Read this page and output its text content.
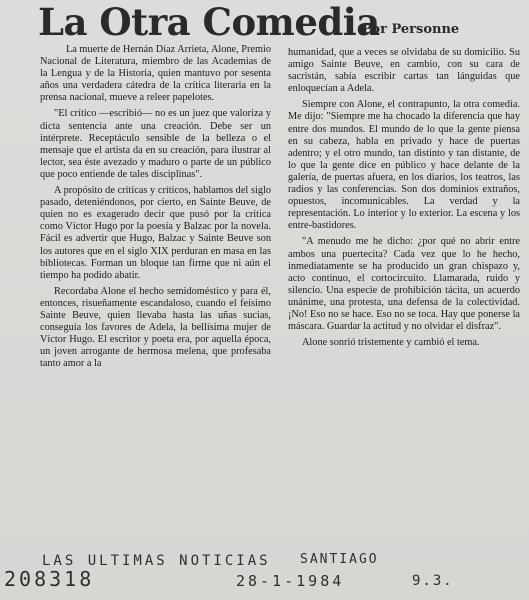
La Otra Comedia
Por Personne

La muerte de Hernán Díaz Arrieta, Alone, Premio Nacional de Literatura, miembro de las Academias de la Lengua y de la Historia, quien mantuvo por sesenta años una verdadera cátedra de la crítica literaria en la prensa nacional, mueve a releer papelotes.

"El crítico —escribió— no es un juez que valoriza y dicta sentencia ante una creación. Debe ser un intérprete. Receptáculo sensible de la belleza o el mensaje que el artista da en su creación, para ilustrar al lector, sea éste avezado y maduro o parte de un público que poco entiende de tales disciplinas".

A propósito de críticas y críticos, hablamos del siglo pasado, deteniéndonos, por cierto, en Sainte Beuve, de quien no es exagerado decir que pusó por la crítica como Víctor Hugo por la poesía y Balzac por la novela. Fácil es advertir que Hugo, Balzac y Sainte Beuve son los autores que en el siglo XIX perduran en masa en las bibliotecas. Forman un bloque tan firme que ni aún el tiempo ha podido abatir.

Recordaba Alone el hecho semidoméstico y para él, entonces, risueñamente escandaloso, cuando el feísimo Sainte Beuve, quien llevaba hasta las uñas sucias, conseguía los favores de Adela, la bellísima mujer de Víctor Hugo. El escritor y poeta era, por aquella época, un joven arrogante de hermosa melena, que profesaba tanto amor a la

humanidad, que a veces se olvidaba de su domicilio. Su amigo Sainte Beuve, en cambio, con su cara de sacristán, sabía escribir cartas tan lánguidas que enloquecían a Adela.

Siempre con Alone, el contrapunto, la otra comedia. Me dijo: "Siempre me ha chocado la diferencia que hay entre dos mundos. El mundo de lo que la gente piensa en su cabeza, habla en privado y hace de puertas adentro; y el otro mundo, tan distinto y tan distante, de lo que la gente dice en público y hace delante de la galería, de puertas afuera, en los diarios, los teatros, las radios y las conferencias. Son dos dominios extraños, opuestos, incomunicables. La verdad y la representación. Lo interior y lo exterior. La escena y los entre-bastidores.

"A menudo me he dicho: ¿por qué no abrir entre ambos una puertecita? Cada vez que lo he hecho, inmediatamente se ha producido un gran chispazo y, acto continuo, el cortocircuito. Llamarada, ruido y silencio. Una especie de prohibición tácita, un acuerdo unánime, una protesta, una defensa de la colectividad. ¡No! Eso no se hace. Eso no se toca. Hay que ponerse la máscara. Guardar la actitud y no olvidar el disfraz".

Alone sonrió tristemente y cambió el tema.

LAS ULTIMAS NOTICIAS SANTIAGO
208318	28-1-1984	9.3.
